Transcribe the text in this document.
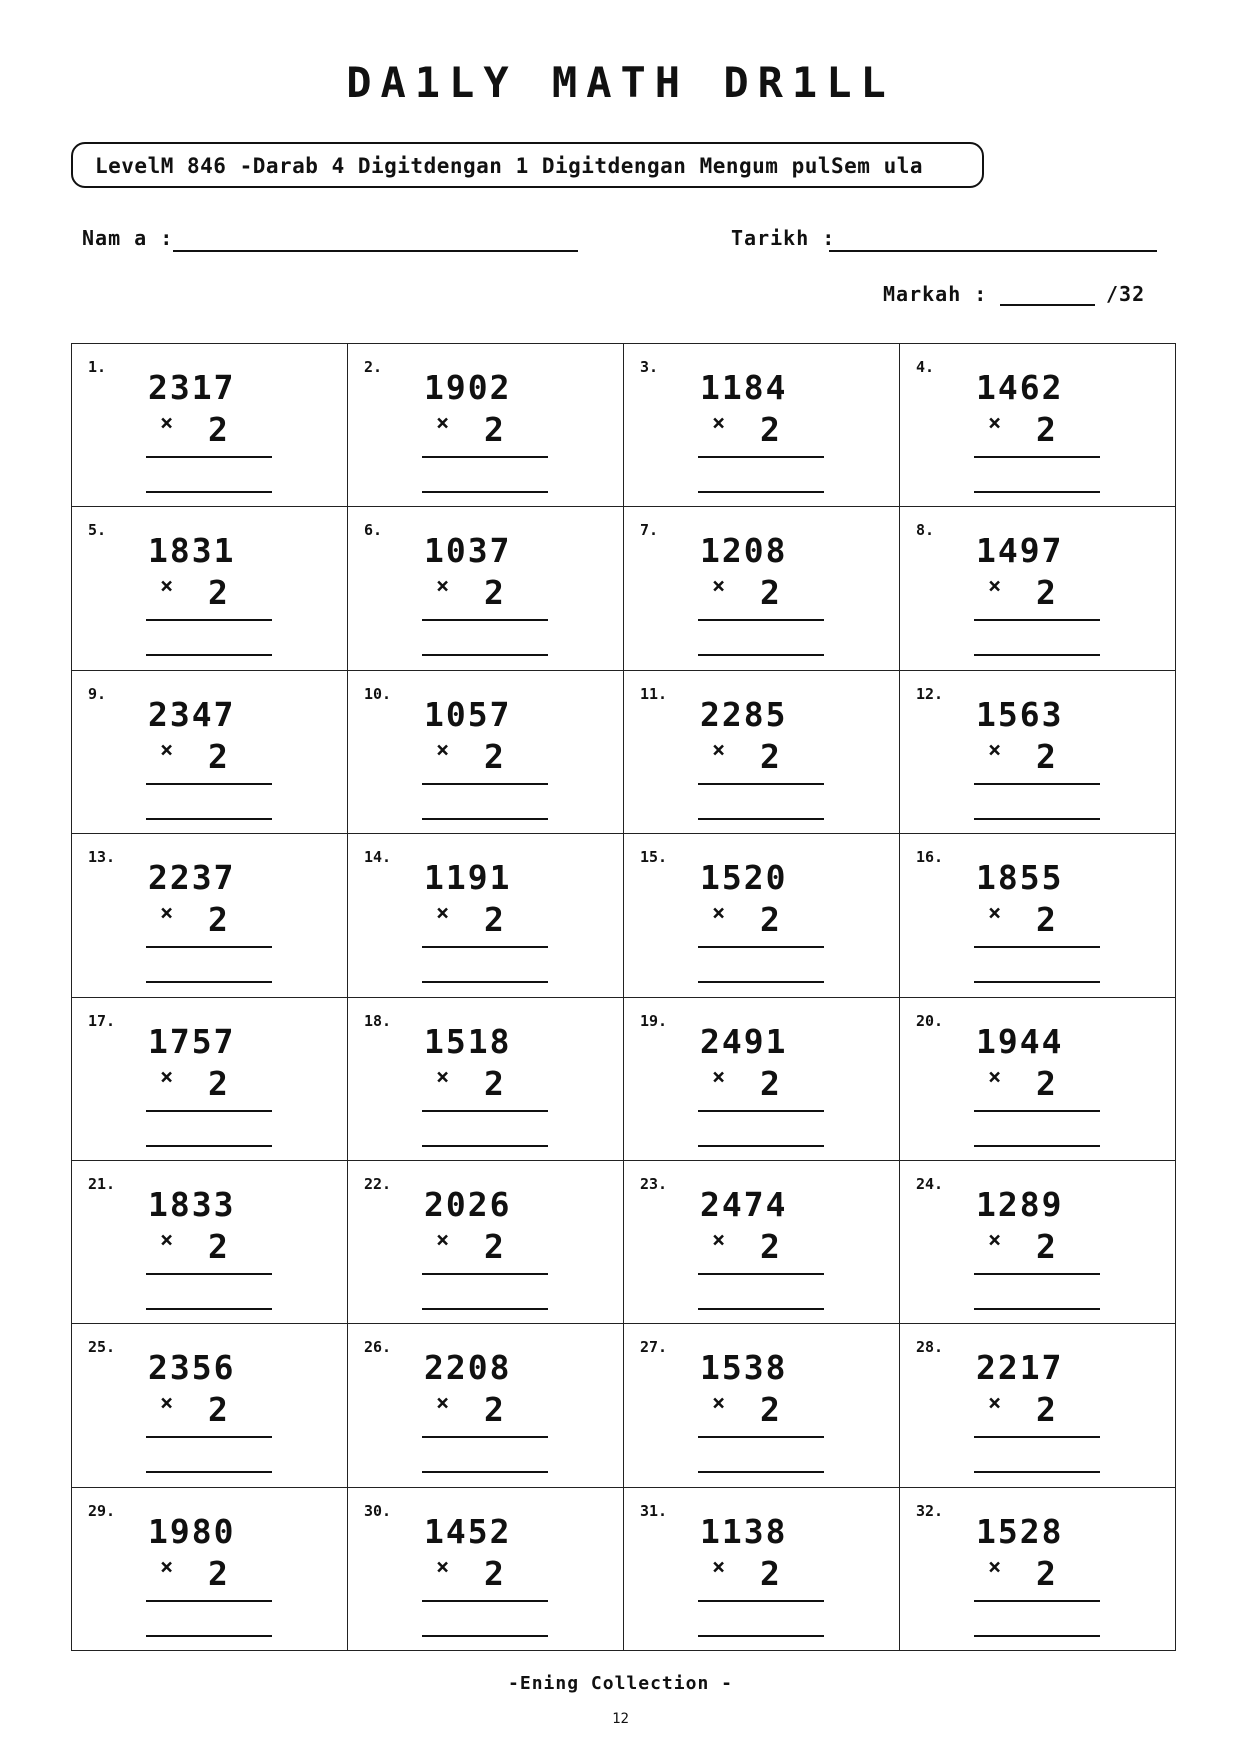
DA1LY MATH DR1LL
LevelM 846 -Darab 4 Digitdengan 1 Digitdengan Mengum pulSem ula
Nam a :	Tarikh :
Markah :	/32
1.
2317
× 2
2.
1902
× 2
3.
1184
× 2
4.
1462
× 2
5.
1831
× 2
6.
1037
× 2
7.
1208
× 2
8.
1497
× 2
9.
2347
× 2
10.
1057
× 2
11.
2285
× 2
12.
1563
× 2
13.
2237
× 2
14.
1191
× 2
15.
1520
× 2
16.
1855
× 2
17.
1757
× 2
18.
1518
× 2
19.
2491
× 2
20.
1944
× 2
21.
1833
× 2
22.
2026
× 2
23.
2474
× 2
24.
1289
× 2
25.
2356
× 2
26.
2208
× 2
27.
1538
× 2
28.
2217
× 2
29.
1980
× 2
30.
1452
× 2
31.
1138
× 2
32.
1528
× 2
-Ening Collection -
12
